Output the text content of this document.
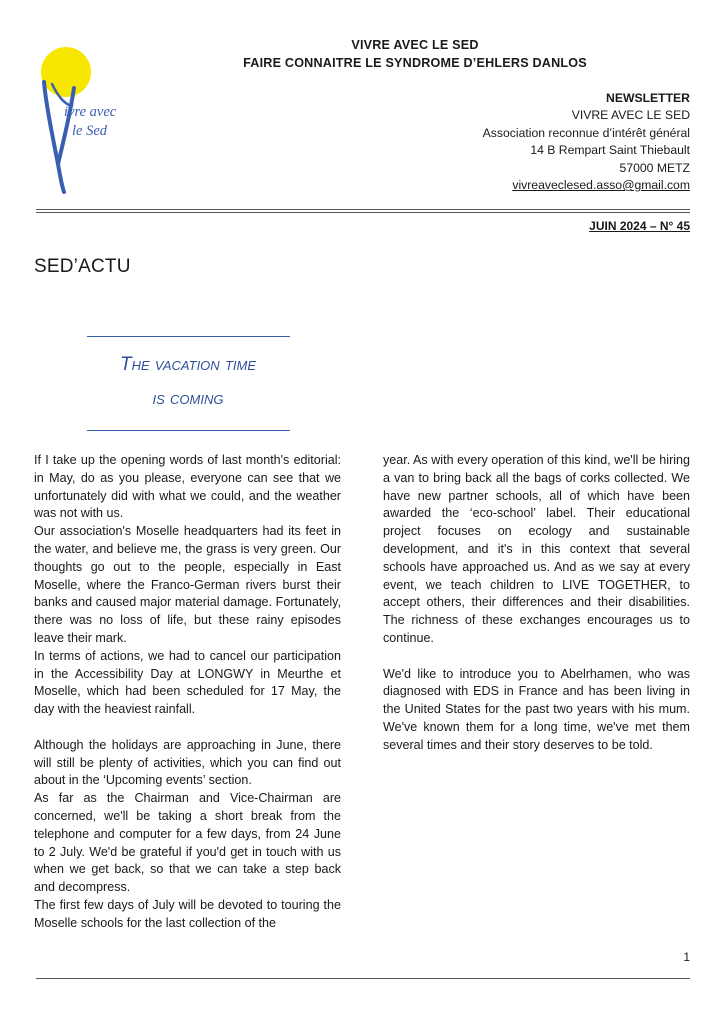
ivre avec
le Sed
VIVRE AVEC LE SED
FAIRE CONNAITRE LE SYNDROME D’EHLERS DANLOS
NEWSLETTER
VIVRE AVEC LE SED
Association reconnue d’intérêt général
14 B Rempart Saint Thiebault
57000 METZ
vivreaveclesed.asso@gmail.com
JUIN 2024 – N° 45
SED’ACTU
The vacation time
is coming

If I take up the opening words of last month's editorial: in May, do as you please, everyone can see that we unfortunately did with what we could, and the weather was not with us.

Our association's Moselle headquarters had its feet in the water, and believe me, the grass is very green. Our thoughts go out to the people, especially in East Moselle, where the Franco-German rivers burst their banks and caused major material damage. Fortunately, there was no loss of life, but these rainy episodes leave their mark.

In terms of actions, we had to cancel our participation in the Accessibility Day at LONGWY in Meurthe et Moselle, which had been scheduled for 17 May, the day with the heaviest rainfall.

Although the holidays are approaching in June, there will still be plenty of activities, which you can find out about in the ‘Upcoming events’ section.

As far as the Chairman and Vice-Chairman are concerned, we'll be taking a short break from the telephone and computer for a few days, from 24 June to 2 July. We'd be grateful if you'd get in touch with us when we get back, so that we can take a step back and decompress.

The first few days of July will be devoted to touring the Moselle schools for the last collection of the

year. As with every operation of this kind, we'll be hiring a van to bring back all the bags of corks collected. We have new partner schools, all of which have been awarded the ‘eco-school’ label. Their educational project focuses on ecology and sustainable development, and it's in this context that several schools have approached us. And as we say at every event, we teach children to LIVE TOGETHER, to accept others, their differences and their disabilities. The richness of these exchanges encourages us to continue.

We'd like to introduce you to Abelrhamen, who was diagnosed with EDS in France and has been living in the United States for the past two years with his mum. We've known them for a long time, we've met them several times and their story deserves to be told.

1
